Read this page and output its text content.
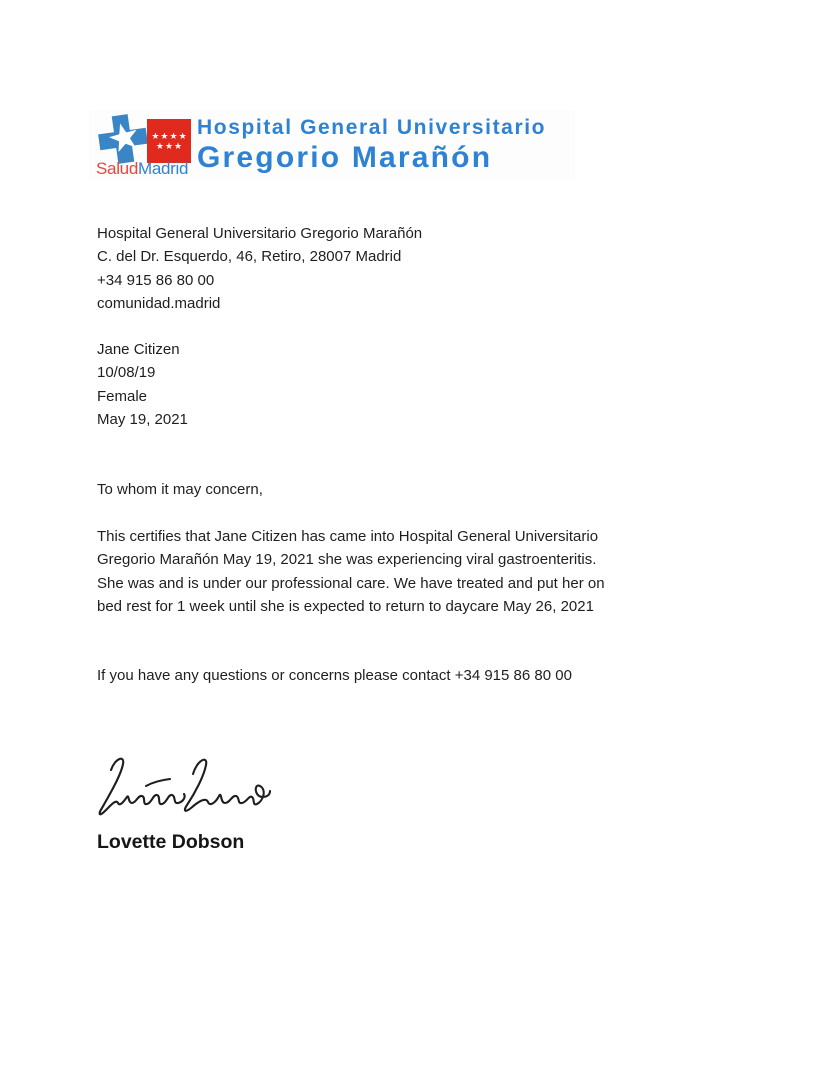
★★★★
★★★
SaludMadrid
Hospital General Universitario
Gregorio Marañón
Hospital General Universitario Gregorio Marañón
C. del Dr. Esquerdo, 46, Retiro, 28007 Madrid
+34 915 86 80 00
comunidad.madrid
Jane Citizen
10/08/19
Female
May 19, 2021
To whom it may concern,
This certifies that Jane Citizen has came into Hospital General Universitario
Gregorio Marañón May 19, 2021 she was experiencing viral gastroenteritis.
She was and is under our professional care. We have treated and put her on
bed rest for 1 week until she is expected to return to daycare May 26, 2021
If you have any questions or concerns please contact +34 915 86 80 00
Lovette Dobson
